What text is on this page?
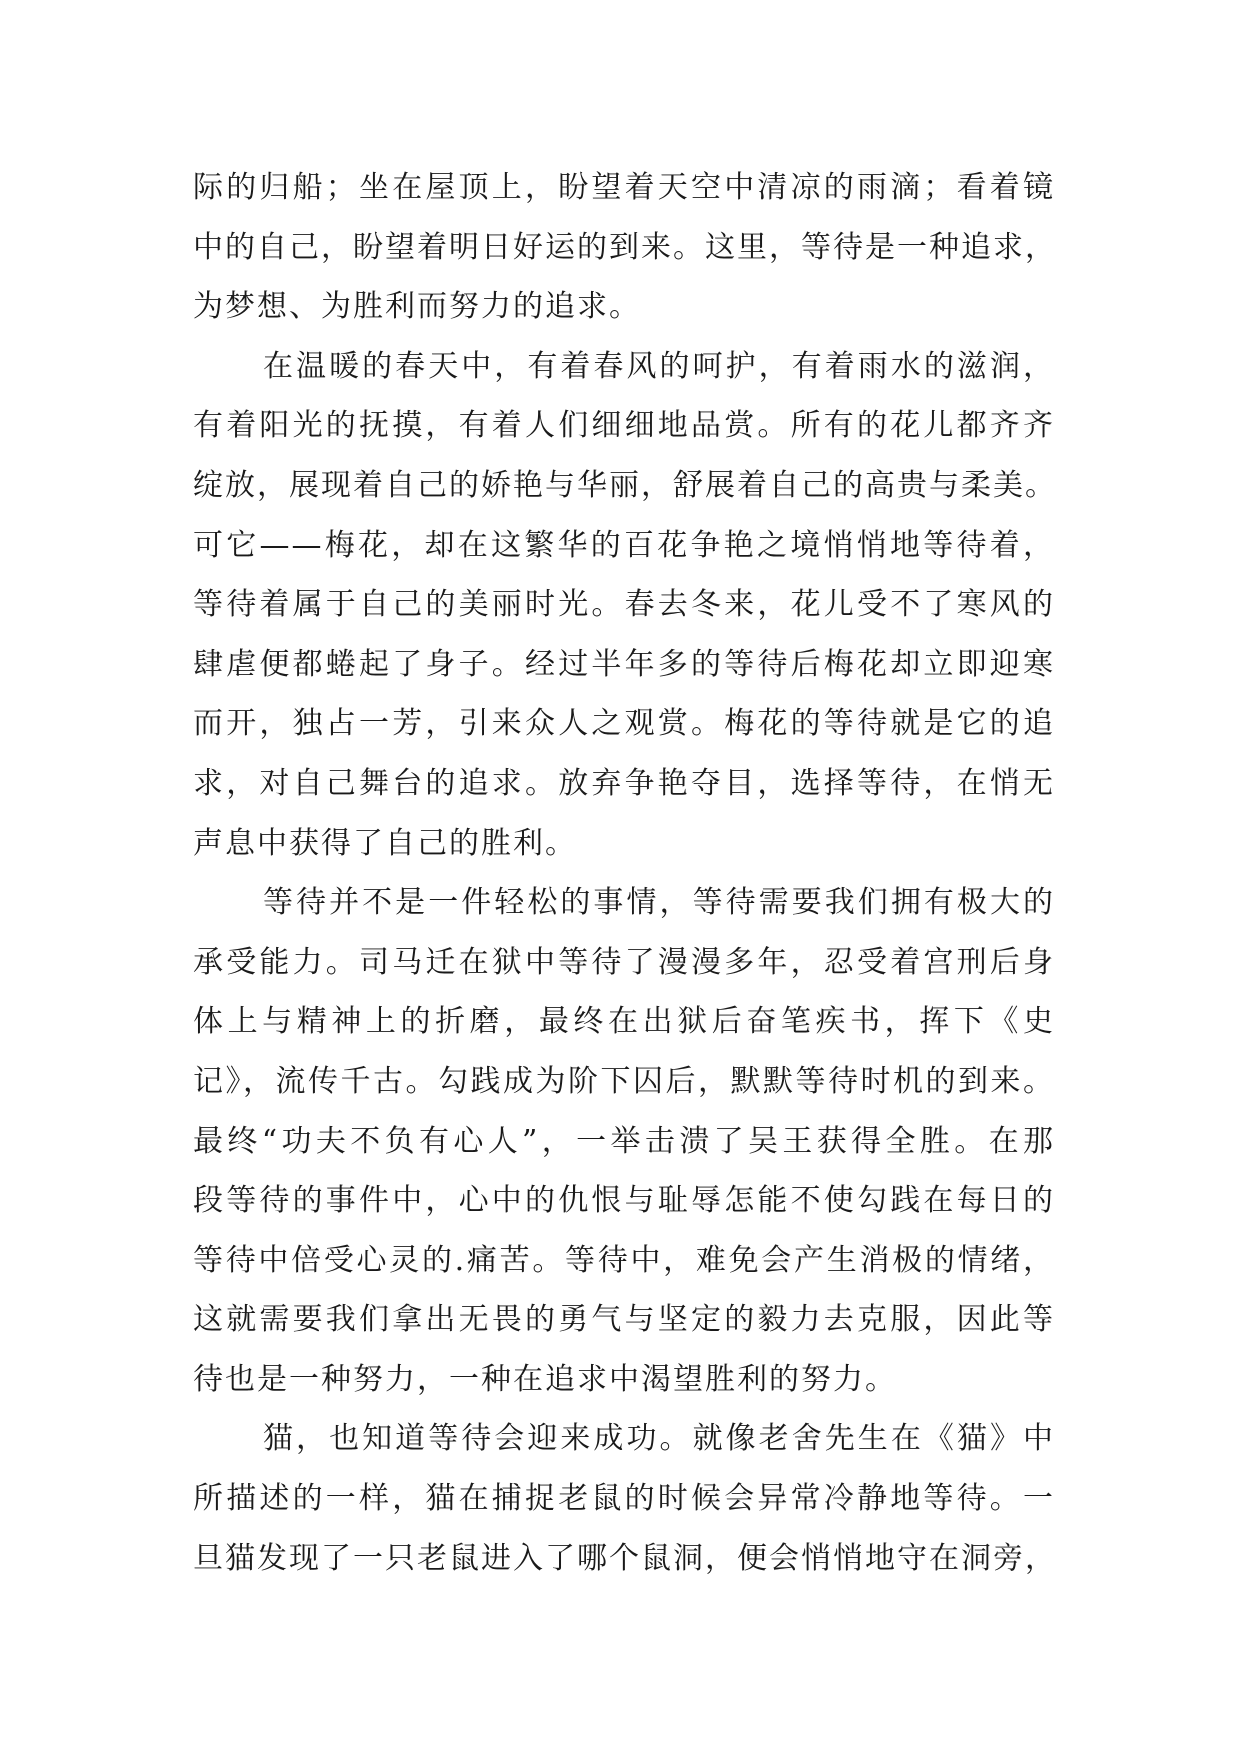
际的归船；坐在屋顶上，盼望着天空中清凉的雨滴；看着镜
中的自己，盼望着明日好运的到来。这里，等待是一种追求，
为梦想、为胜利而努力的追求。
在温暖的春天中，有着春风的呵护，有着雨水的滋润，
有着阳光的抚摸，有着人们细细地品赏。所有的花儿都齐齐
绽放，展现着自己的娇艳与华丽，舒展着自己的高贵与柔美。
可它——梅花，却在这繁华的百花争艳之境悄悄地等待着，
等待着属于自己的美丽时光。春去冬来，花儿受不了寒风的
肆虐便都蜷起了身子。经过半年多的等待后梅花却立即迎寒
而开，独占一芳，引来众人之观赏。梅花的等待就是它的追
求，对自己舞台的追求。放弃争艳夺目，选择等待，在悄无
声息中获得了自己的胜利。
等待并不是一件轻松的事情，等待需要我们拥有极大的
承受能力。司马迁在狱中等待了漫漫多年，忍受着宫刑后身
体上与精神上的折磨，最终在出狱后奋笔疾书，挥下《史
记》，流传千古。勾践成为阶下囚后，默默等待时机的到来。
最终“功夫不负有心人”，一举击溃了吴王获得全胜。在那
段等待的事件中，心中的仇恨与耻辱怎能不使勾践在每日的
等待中倍受心灵的.痛苦。等待中，难免会产生消极的情绪，
这就需要我们拿出无畏的勇气与坚定的毅力去克服，因此等
待也是一种努力，一种在追求中渴望胜利的努力。
猫，也知道等待会迎来成功。就像老舍先生在《猫》中
所描述的一样，猫在捕捉老鼠的时候会异常冷静地等待。一
旦猫发现了一只老鼠进入了哪个鼠洞，便会悄悄地守在洞旁，
